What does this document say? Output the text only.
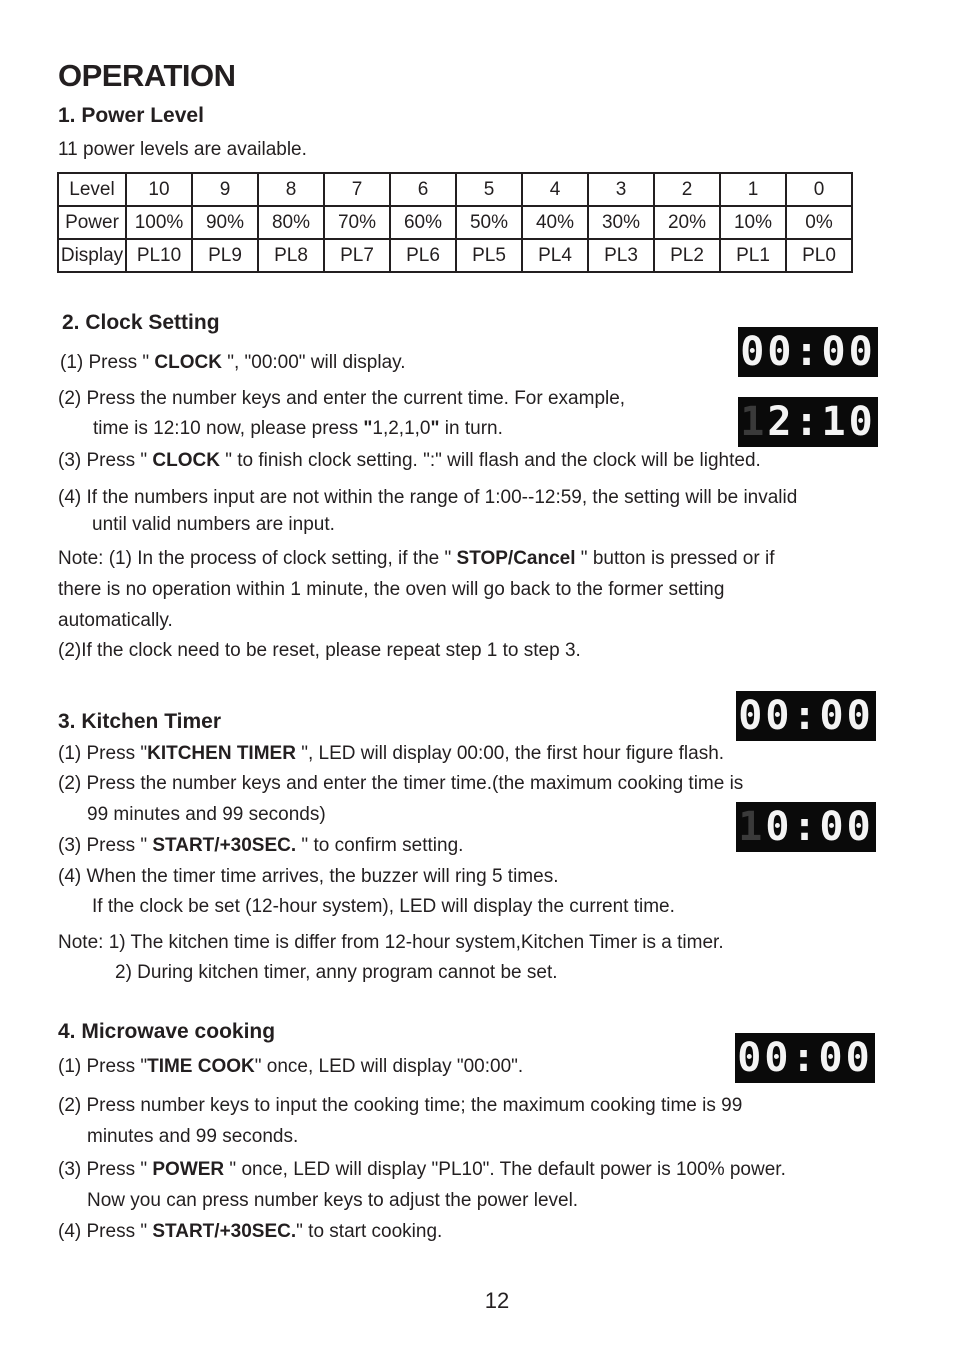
OPERATION
1. Power Level
11 power levels are available.
Level	10	9	8	7	6	5	4	3	2	1	0
Power	100%	90%	80%	70%	60%	50%	40%	30%	20%	10%	0%
Display	PL10	PL9	PL8	PL7	PL6	PL5	PL4	PL3	PL2	PL1	PL0
2. Clock Setting
(1) Press " CLOCK ", "00:00" will display.
(2) Press the number keys and enter the current time. For example,
time is 12:10 now, please press "1,2,1,0" in turn.
(3) Press " CLOCK " to finish clock setting. ":" will flash and the clock will be lighted.
(4) If the numbers input are not within the range of 1:00--12:59, the setting will be invalid
until valid numbers are input.
Note: (1) In the process of clock setting, if the " STOP/Cancel " button is pressed or if
there is no operation within 1 minute, the oven will go back to the former setting
automatically.
(2)If the clock need to be reset, please repeat step 1 to step 3.
00:00
1 2:10
3. Kitchen Timer
(1) Press "KITCHEN TIMER ", LED will display 00:00, the first hour figure flash.
(2) Press the number keys and enter the timer time.(the maximum cooking time is
99 minutes and 99 seconds)
(3) Press " START/+30SEC. " to confirm setting.
(4) When the timer time arrives, the buzzer will ring 5 times.
If the clock be set (12-hour system), LED will display the current time.
Note: 1) The kitchen time is differ from 12-hour system,Kitchen Timer is a timer.
2) During kitchen timer, anny program cannot be set.
00:00
1 0:00
4. Microwave cooking
(1) Press "TIME COOK" once, LED will display "00:00".
(2) Press number keys to input the cooking time; the maximum cooking time is 99
minutes and 99 seconds.
(3) Press " POWER " once, LED will display "PL10". The default power is 100% power.
Now you can press number keys to adjust the power level.
(4) Press " START/+30SEC." to start cooking.
00:00
12
